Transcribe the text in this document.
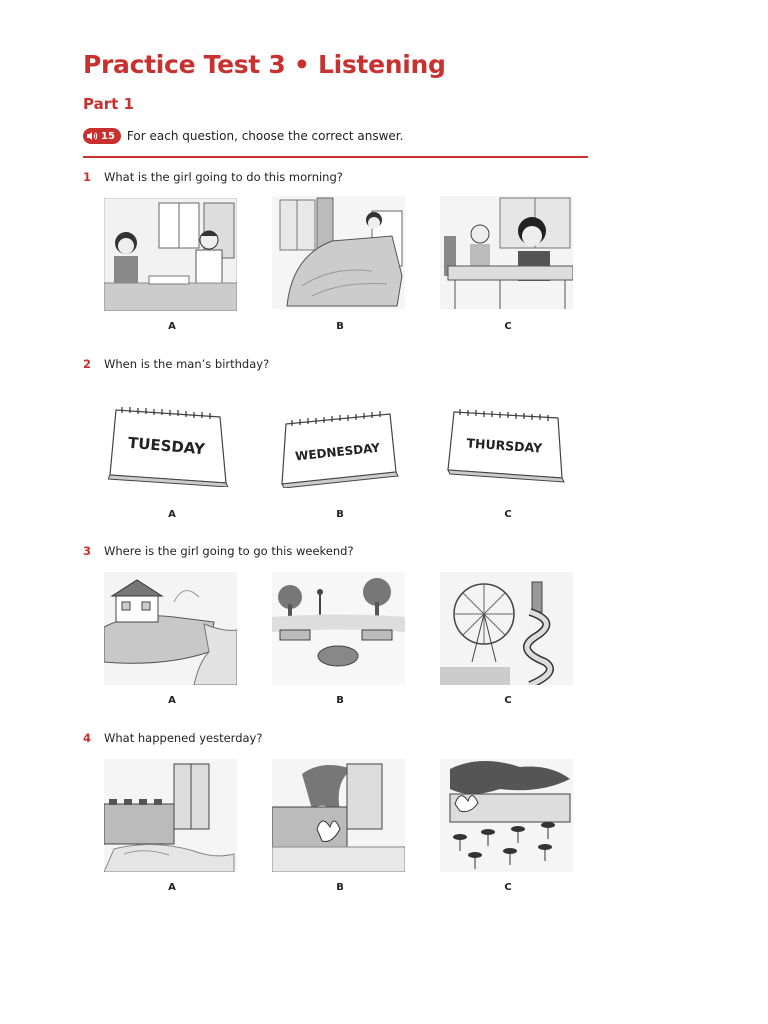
Practice Test 3 • Listening
Part 1
15 For each question, choose the correct answer.
1 What is the girl going to do this morning?
A	B	C
2 When is the man’s birthday?
TUESDAY	WEDNESDAY	THURSDAY
A	B	C
3 Where is the girl going to go this weekend?
A	B	C
4 What happened yesterday?
A	B	C
